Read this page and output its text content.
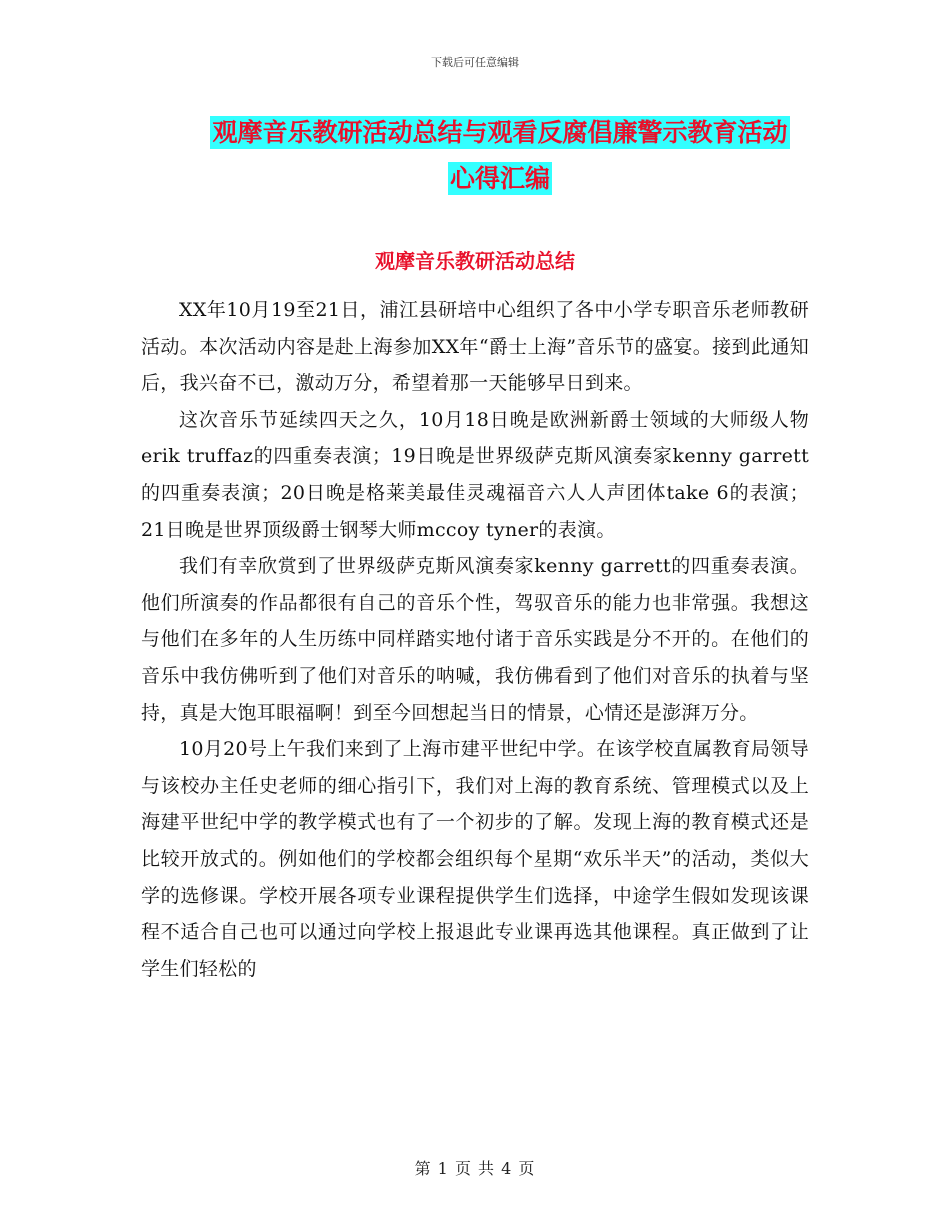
下载后可任意编辑
观摩音乐教研活动总结与观看反腐倡廉警示教育活动
心得汇编
观摩音乐教研活动总结

XX年10月19至21日，浦江县研培中心组织了各中小学专职音乐老师教研活动。本次活动内容是赴上海参加XX年“爵士上海”音乐节的盛宴。接到此通知后，我兴奋不已，激动万分，希望着那一天能够早日到来。

这次音乐节延续四天之久，10月18日晚是欧洲新爵士领域的大师级人物erik truffaz的四重奏表演；19日晚是世界级萨克斯风演奏家kenny garrett的四重奏表演；20日晚是格莱美最佳灵魂福音六人人声团体take 6的表演；21日晚是世界顶级爵士钢琴大师mccoy tyner的表演。

我们有幸欣赏到了世界级萨克斯风演奏家kenny garrett的四重奏表演。他们所演奏的作品都很有自己的音乐个性，驾驭音乐的能力也非常强。我想这与他们在多年的人生历练中同样踏实地付诸于音乐实践是分不开的。在他们的音乐中我仿佛听到了他们对音乐的呐喊，我仿佛看到了他们对音乐的执着与坚持，真是大饱耳眼福啊！到至今回想起当日的情景，心情还是澎湃万分。

10月20号上午我们来到了上海市建平世纪中学。在该学校直属教育局领导与该校办主任史老师的细心指引下，我们对上海的教育系统、管理模式以及上海建平世纪中学的教学模式也有了一个初步的了解。发现上海的教育模式还是比较开放式的。例如他们的学校都会组织每个星期“欢乐半天”的活动，类似大学的选修课。学校开展各项专业课程提供学生们选择，中途学生假如发现该课程不适合自己也可以通过向学校上报退此专业课再选其他课程。真正做到了让学生们轻松的

第 1 页 共 4 页
